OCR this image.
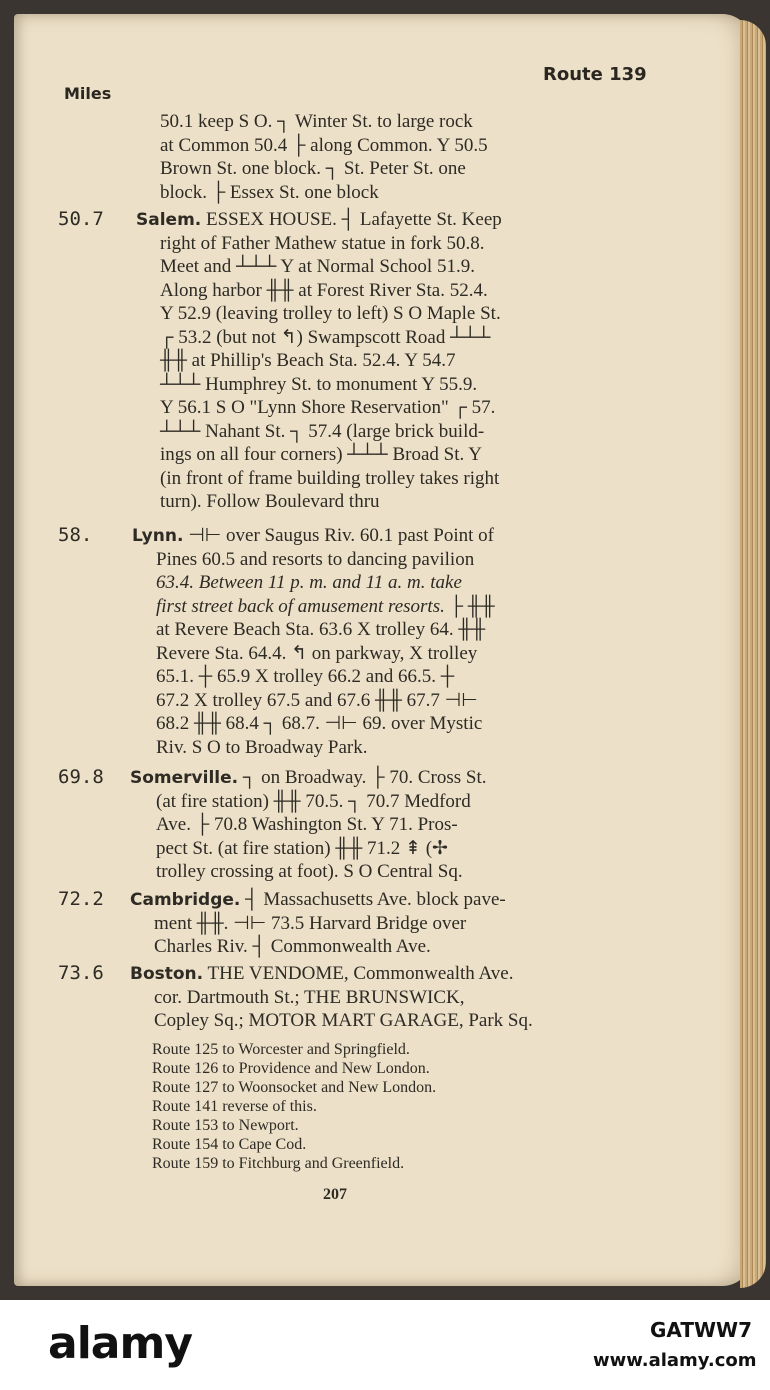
Miles
Route 139
50.1 keep S O. ┐ Winter St. to large rock
at Common 50.4 ├ along Common. Y 50.5
Brown St. one block. ┐ St. Peter St. one
block. ├ Essex St. one block
50.7 Salem. ESSEX HOUSE. ┤ Lafayette St. Keep
right of Father Mathew statue in fork 50.8.
Meet and ┴┴┴ Y at Normal School 51.9.
Along harbor ╫╫ at Forest River Sta. 52.4.
Y 52.9 (leaving trolley to left) S O Maple St.
┌ 53.2 (but not ↰) Swampscott Road ┴┴┴
╫╫ at Phillip's Beach Sta. 52.4. Y 54.7
┴┴┴ Humphrey St. to monument Y 55.9.
Y 56.1 S O "Lynn Shore Reservation" ┌ 57.
┴┴┴ Nahant St. ┐ 57.4 (large brick build-
ings on all four corners) ┴┴┴ Broad St. Y
(in front of frame building trolley takes right
turn). Follow Boulevard thru
58. Lynn. ⊣⊢ over Saugus Riv. 60.1 past Point of
Pines 60.5 and resorts to dancing pavilion
63.4. Between 11 p. m. and 11 a. m. take
first street back of amusement resorts. ├ ╫╫
at Revere Beach Sta. 63.6 X trolley 64. ╫╫
Revere Sta. 64.4. ↰ on parkway, X trolley
65.1. ┼ 65.9 X trolley 66.2 and 66.5. ┼
67.2 X trolley 67.5 and 67.6 ╫╫ 67.7 ⊣⊢
68.2 ╫╫ 68.4 ┐ 68.7. ⊣⊢ 69. over Mystic
Riv. S O to Broadway Park.
69.8 Somerville. ┐ on Broadway. ├ 70. Cross St.
(at fire station) ╫╫ 70.5. ┐ 70.7 Medford
Ave. ├ 70.8 Washington St. Y 71. Pros-
pect St. (at fire station) ╫╫ 71.2 ⇞ (✢
trolley crossing at foot). S O Central Sq.
72.2 Cambridge. ┤ Massachusetts Ave. block pave-
ment ╫╫. ⊣⊢ 73.5 Harvard Bridge over
Charles Riv. ┤ Commonwealth Ave.
73.6 Boston. THE VENDOME, Commonwealth Ave.
cor. Dartmouth St.; THE BRUNSWICK,
Copley Sq.; MOTOR MART GARAGE, Park Sq.
Route 125 to Worcester and Springfield.
Route 126 to Providence and New London.
Route 127 to Woonsocket and New London.
Route 141 reverse of this.
Route 153 to Newport.
Route 154 to Cape Cod.
Route 159 to Fitchburg and Greenfield.
207
alamy	GATWW7
www.alamy.com
